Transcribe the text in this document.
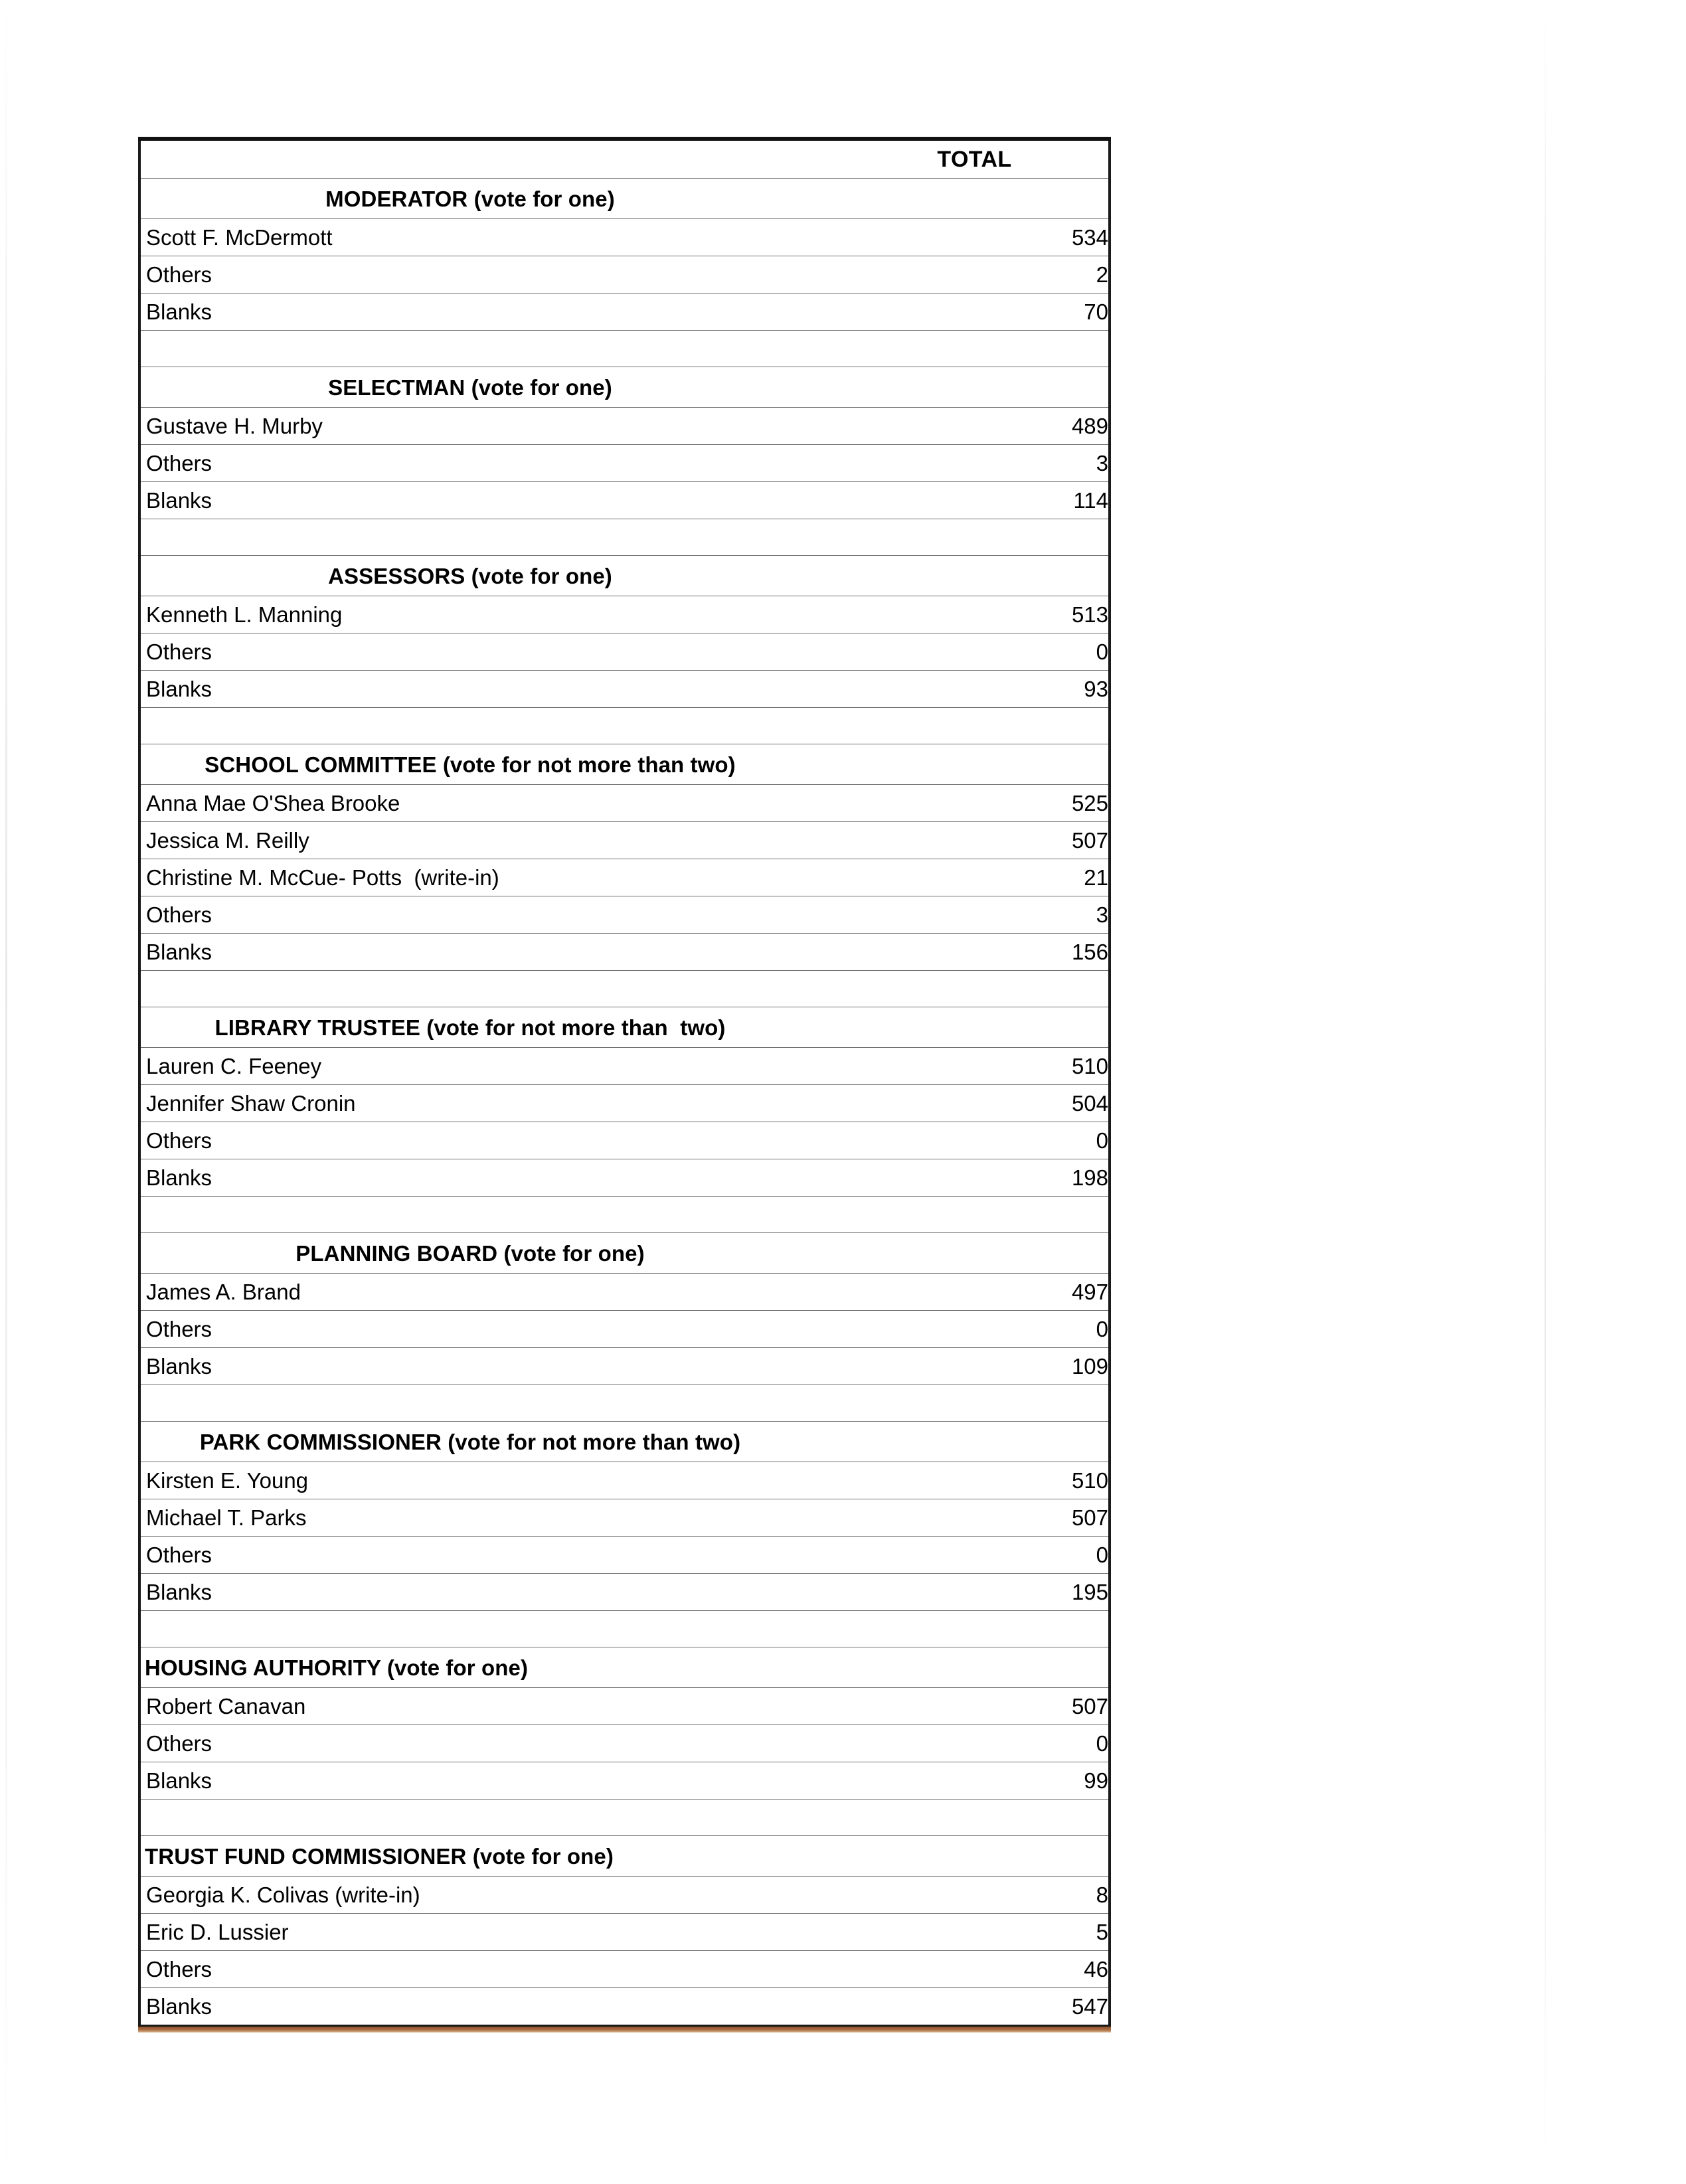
	TOTAL

MODERATOR (vote for one)	

Scott F. McDermott	534

Others	2

Blanks	70

SELECTMAN (vote for one)	

Gustave H. Murby	489

Others	3

Blanks	114

ASSESSORS (vote for one)	

Kenneth L. Manning	513

Others	0

Blanks	93

SCHOOL COMMITTEE (vote for not more than two)	

Anna Mae O'Shea Brooke	525

Jessica M. Reilly	507

Christine M. McCue- Potts  (write-in)	21

Others	3

Blanks	156

LIBRARY TRUSTEE (vote for not more than  two)	

Lauren C. Feeney	510

Jennifer Shaw Cronin	504

Others	0

Blanks	198

PLANNING BOARD (vote for one)	

James A. Brand	497

Others	0

Blanks	109

PARK COMMISSIONER (vote for not more than two)	

Kirsten E. Young	510

Michael T. Parks	507

Others	0

Blanks	195

HOUSING AUTHORITY (vote for one)	

Robert Canavan	507

Others	0

Blanks	99

TRUST FUND COMMISSIONER (vote for one)	

Georgia K. Colivas (write-in)	8

Eric D. Lussier	5

Others	46

Blanks	547
